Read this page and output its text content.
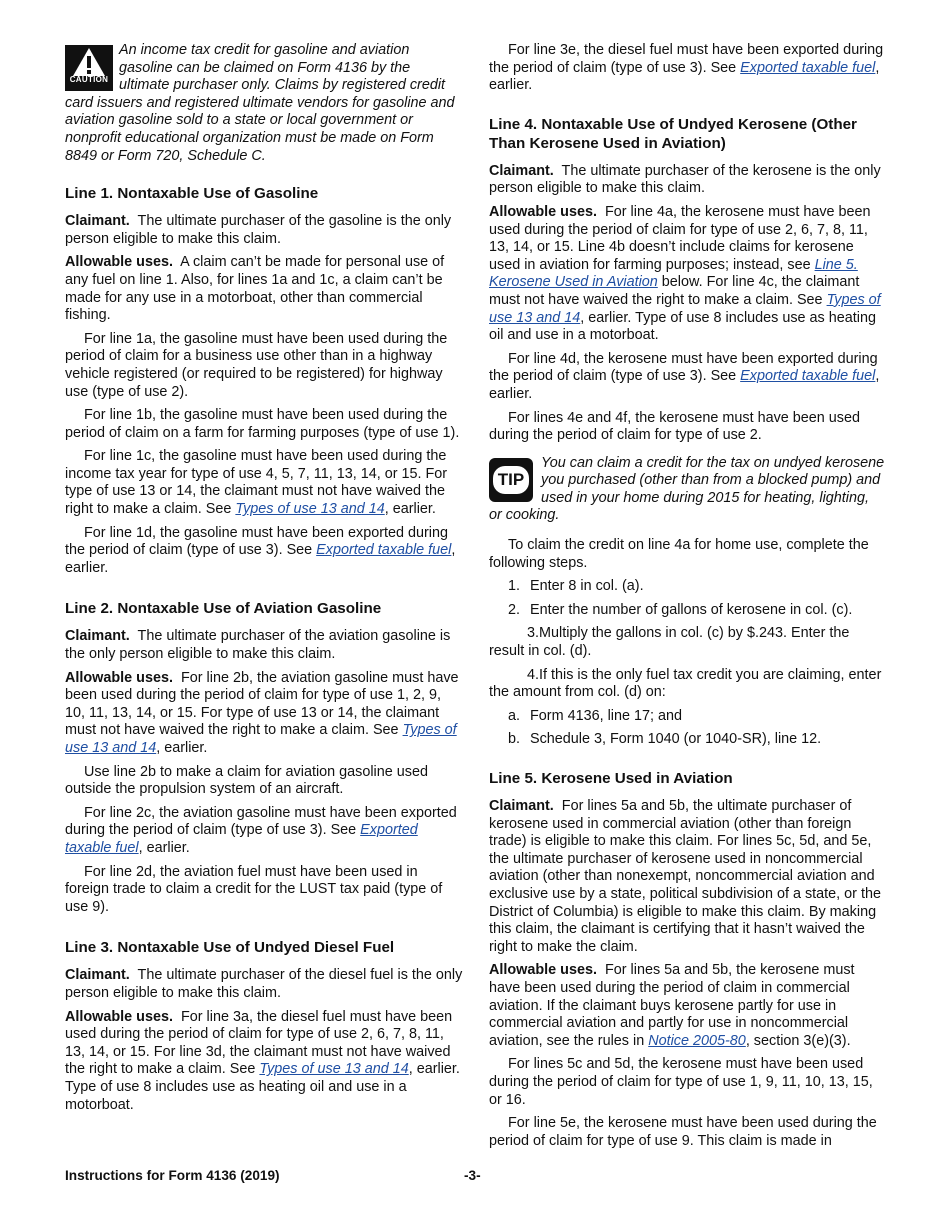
CAUTION
An income tax credit for gasoline and aviation gasoline can be claimed on Form 4136 by the ultimate purchaser only. Claims by registered credit card issuers and registered ultimate vendors for gasoline and aviation gasoline sold to a state or local government or nonprofit educational organization must be made on Form 8849 or Form 720, Schedule C.
Line 1. Nontaxable Use of Gasoline

Claimant. The ultimate purchaser of the gasoline is the only person eligible to make this claim.

Allowable uses. A claim can’t be made for personal use of any fuel on line 1. Also, for lines 1a and 1c, a claim can’t be made for any use in a motorboat, other than commercial fishing.

For line 1a, the gasoline must have been used during the period of claim for a business use other than in a highway vehicle registered (or required to be registered) for highway use (type of use 2).

For line 1b, the gasoline must have been used during the period of claim on a farm for farming purposes (type of use 1).

For line 1c, the gasoline must have been used during the income tax year for type of use 4, 5, 7, 11, 13, 14, or 15. For type of use 13 or 14, the claimant must not have waived the right to make a claim. See Types of use 13 and 14, earlier.

For line 1d, the gasoline must have been exported during the period of claim (type of use 3). See Exported taxable fuel, earlier.

Line 2. Nontaxable Use of Aviation Gasoline

Claimant. The ultimate purchaser of the aviation gasoline is the only person eligible to make this claim.

Allowable uses. For line 2b, the aviation gasoline must have been used during the period of claim for type of use 1, 2, 9, 10, 11, 13, 14, or 15. For type of use 13 or 14, the claimant must not have waived the right to make a claim. See Types of use 13 and 14, earlier.

Use line 2b to make a claim for aviation gasoline used outside the propulsion system of an aircraft.

For line 2c, the aviation gasoline must have been exported during the period of claim (type of use 3). See Exported taxable fuel, earlier.

For line 2d, the aviation fuel must have been used in foreign trade to claim a credit for the LUST tax paid (type of use 9).

Line 3. Nontaxable Use of Undyed Diesel Fuel

Claimant. The ultimate purchaser of the diesel fuel is the only person eligible to make this claim.

Allowable uses. For line 3a, the diesel fuel must have been used during the period of claim for type of use 2, 6, 7, 8, 11, 13, 14, or 15. For line 3d, the claimant must not have waived the right to make a claim. See Types of use 13 and 14, earlier. Type of use 8 includes use as heating oil and use in a motorboat.

For line 3e, the diesel fuel must have been exported during the period of claim (type of use 3). See Exported taxable fuel, earlier.

Line 4. Nontaxable Use of Undyed Kerosene (Other Than Kerosene Used in Aviation)

Claimant. The ultimate purchaser of the kerosene is the only person eligible to make this claim.

Allowable uses. For line 4a, the kerosene must have been used during the period of claim for type of use 2, 6, 7, 8, 11, 13, 14, or 15. Line 4b doesn’t include claims for kerosene used in aviation for farming purposes; instead, see Line 5. Kerosene Used in Aviation below. For line 4c, the claimant must not have waived the right to make a claim. See Types of use 13 and 14, earlier. Type of use 8 includes use as heating oil and use in a motorboat.

For line 4d, the kerosene must have been exported during the period of claim (type of use 3). See Exported taxable fuel, earlier.

For lines 4e and 4f, the kerosene must have been used during the period of claim for type of use 2.

TIP
You can claim a credit for the tax on undyed kerosene you purchased (other than from a blocked pump) and used in your home during 2015 for heating, lighting, or cooking.

To claim the credit on line 4a for home use, complete the following steps.

1. Enter 8 in col. (a).
2. Enter the number of gallons of kerosene in col. (c).
3.Multiply the gallons in col. (c) by $.243. Enter the result in col. (d).
4.If this is the only fuel tax credit you are claiming, enter the amount from col. (d) on:
a. Form 4136, line 17; and
b. Schedule 3, Form 1040 (or 1040-SR), line 12.
Line 5. Kerosene Used in Aviation

Claimant. For lines 5a and 5b, the ultimate purchaser of kerosene used in commercial aviation (other than foreign trade) is eligible to make this claim. For lines 5c, 5d, and 5e, the ultimate purchaser of kerosene used in noncommercial aviation (other than nonexempt, noncommercial aviation and exclusive use by a state, political subdivision of a state, or the District of Columbia) is eligible to make this claim. By making this claim, the claimant is certifying that it hasn’t waived the right to make the claim.

Allowable uses. For lines 5a and 5b, the kerosene must have been used during the period of claim in commercial aviation. If the claimant buys kerosene partly for use in commercial aviation and partly for use in noncommercial aviation, see the rules in Notice 2005-80, section 3(e)(3).

For lines 5c and 5d, the kerosene must have been used during the period of claim for type of use 1, 9, 11, 10, 13, 15, or 16.

For line 5e, the kerosene must have been used during the period of claim for type of use 9. This claim is made in

Instructions for Form 4136 (2019)	-3-
